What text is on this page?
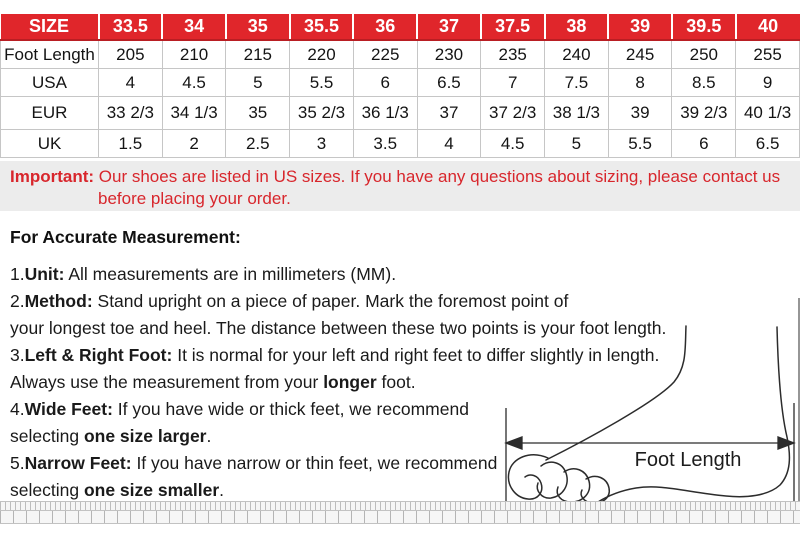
SIZE	33.5	34	35	35.5	36	37	37.5	38	39	39.5	40
Foot Length	205	210	215	220	225	230	235	240	245	250	255
USA	4	4.5	5	5.5	6	6.5	7	7.5	8	8.5	9
EUR	33 2/3	34 1/3	35	35 2/3	36 1/3	37	37 2/3	38 1/3	39	39 2/3	40 1/3
UK	1.5	2	2.5	3	3.5	4	4.5	5	5.5	6	6.5

Important: Our shoes are listed in US sizes. If you have any questions about sizing, please contact us before placing your order.

For Accurate Measurement:
1.Unit: All measurements are in millimeters (MM).
2.Method: Stand upright on a piece of paper. Mark the foremost point of
your longest toe and heel. The distance between these two points is your foot length.
3.Left & Right Foot: It is normal for your left and right feet to differ slightly in length.
Always use the measurement from your longer foot.
4.Wide Feet: If you have wide or thick feet, we recommend
selecting one size larger.
5.Narrow Feet: If you have narrow or thin feet, we recommend
selecting one size smaller.
Foot Length
